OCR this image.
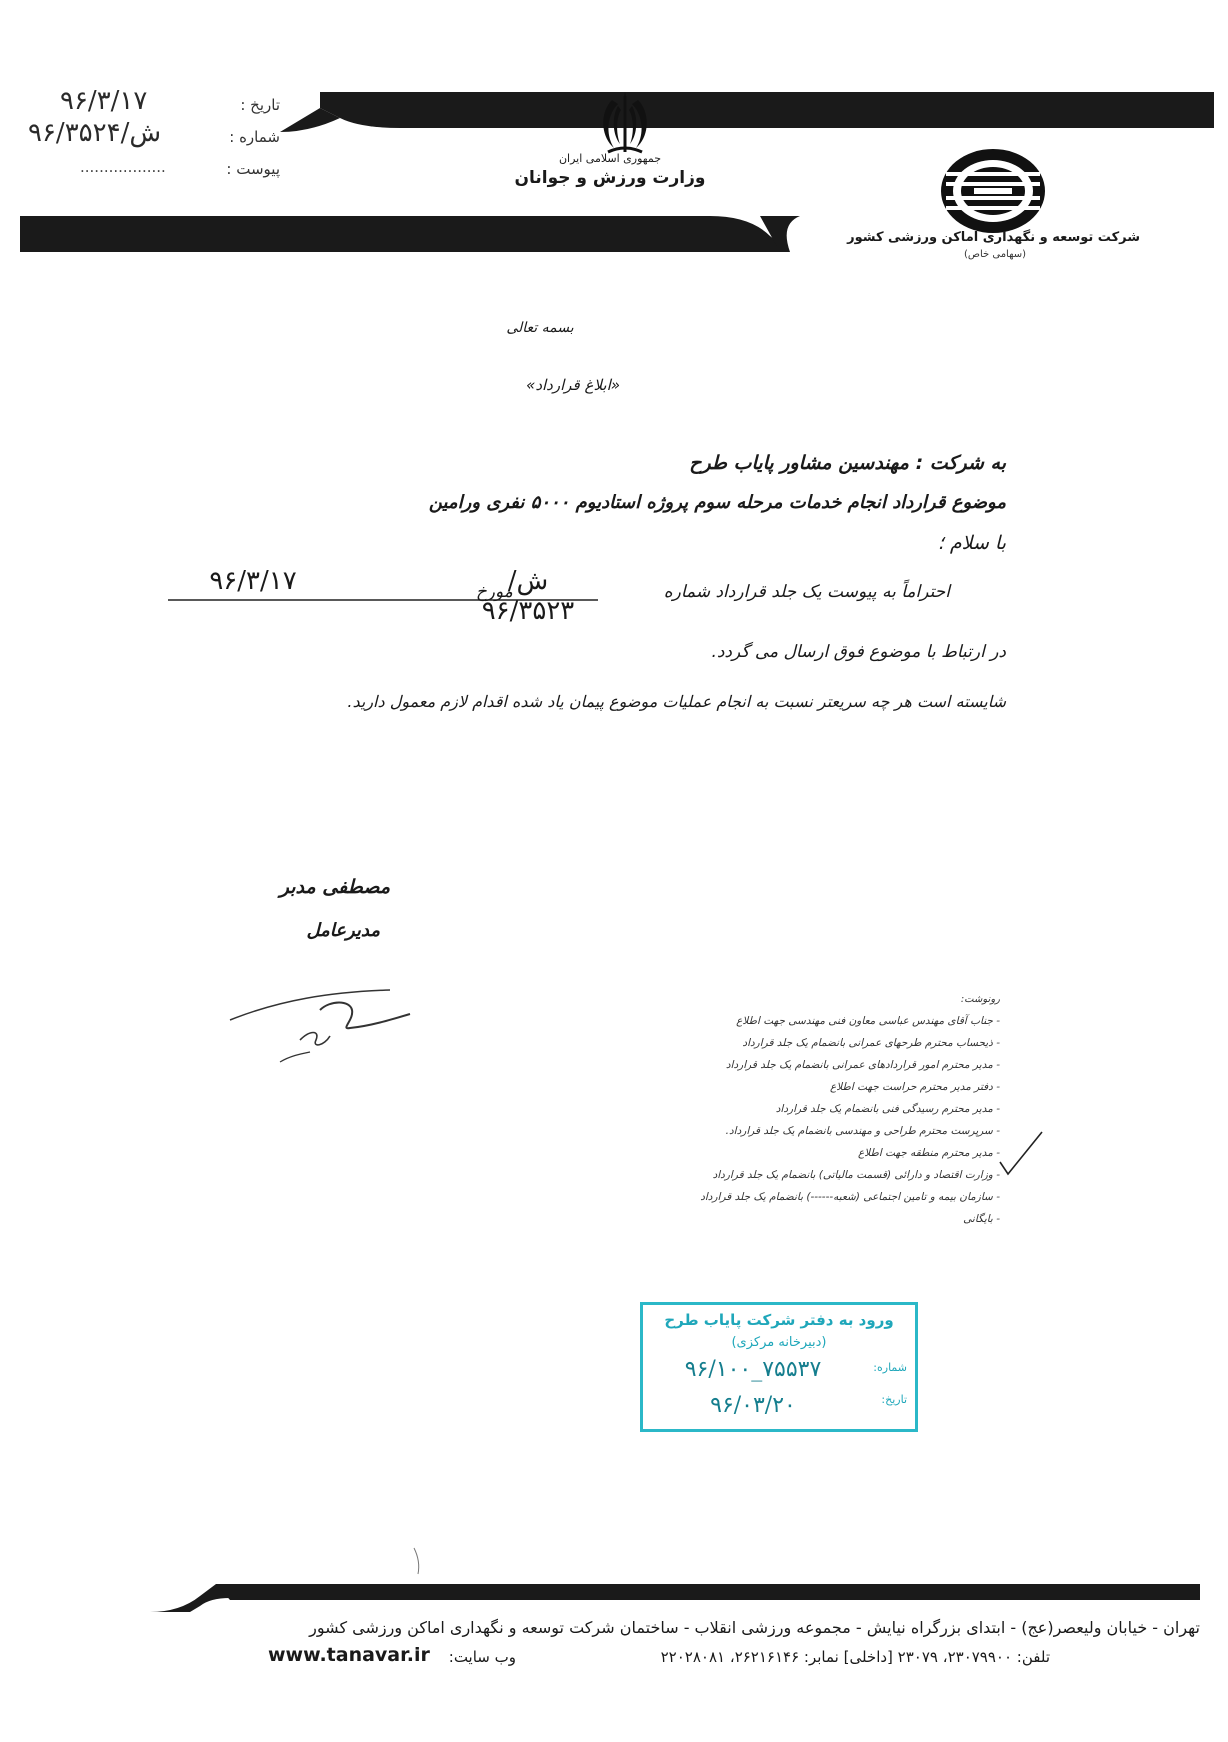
تاریخ :
۹۶/۳/۱۷
شماره :
ش/۹۶/۳۵۲۴
پیوست :
..................	جمهوری اسلامی ایران
وزارت ورزش و جوانان
شرکت توسعه و نگهداری اماکن ورزشی کشور
(سهامی خاص)
بسمه تعالی
«ابلاغ قرارداد»
به شرکت : مهندسین مشاور پایاب طرح
موضوع قرارداد انجام خدمات مرحله سوم پروژه استادیوم ۵۰۰۰ نفری ورامین
با سلام ؛
احتراماً به پیوست یک جلد قرارداد شماره  مورخ
ش/۹۶/۳۵۲۳
۹۶/۳/۱۷
در ارتباط با موضوع فوق ارسال می گردد.
شایسته است هر چه سریعتر نسبت به انجام عملیات موضوع پیمان یاد شده اقدام لازم معمول دارید.
مصطفی مدبر
مدیرعامل
رونوشت:
- جناب آقای مهندس عباسی معاون فنی مهندسی جهت اطلاع
- ذیحساب محترم طرحهای عمرانی بانضمام یک جلد قرارداد
- مدیر محترم امور قراردادهای عمرانی بانضمام یک جلد قرارداد
- دفتر مدیر محترم حراست جهت اطلاع
- مدیر محترم رسیدگی فنی بانضمام یک جلد قرارداد
- سرپرست محترم طراحی و مهندسی بانضمام یک جلد قرارداد.
- مدیر محترم منطقه جهت اطلاع
- وزارت اقتصاد و دارائی (قسمت مالیاتی) بانضمام یک جلد قرارداد
- سازمان بیمه و تامین اجتماعی (شعبه------) بانضمام یک جلد قرارداد
- بایگانی
ورود به دفتر شرکت پایاب طرح
(دبیرخانه مرکزی)
شماره:
۷۵۵۳۷_۹۶/۱۰۰
تاریخ:
۹۶/۰۳/۲۰
تهران - خیابان ولیعصر(عج) - ابتدای بزرگراه نیایش - مجموعه ورزشی انقلاب - ساختمان شرکت توسعه و نگهداری اماکن ورزشی کشور
تلفن: ۲۳۰۷۹۹۰۰، ۲۳۰۷۹ [داخلی] نمابر: ۲۶۲۱۶۱۴۶، ۲۲۰۲۸۰۸۱
وب سایت:
www.tanavar.ir
